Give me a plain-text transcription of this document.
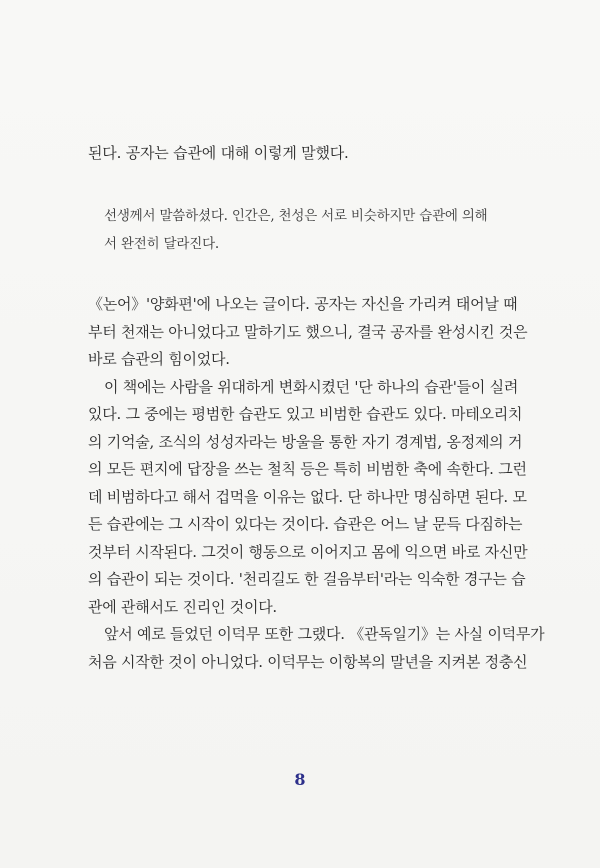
된다. 공자는 습관에 대해 이렇게 말했다.
선생께서 말씀하셨다. 인간은, 천성은 서로 비슷하지만 습관에 의해
서 완전히 달라진다.
《논어》'양화편'에 나오는 글이다. 공자는 자신을 가리켜 태어날 때
부터 천재는 아니었다고 말하기도 했으니, 결국 공자를 완성시킨 것은
바로 습관의 힘이었다.
이 책에는 사람을 위대하게 변화시켰던 '단 하나의 습관'들이 실려
있다. 그 중에는 평범한 습관도 있고 비범한 습관도 있다. 마테오리치
의 기억술, 조식의 성성자라는 방울을 통한 자기 경계법, 옹정제의 거
의 모든 편지에 답장을 쓰는 철칙 등은 특히 비범한 축에 속한다. 그런
데 비범하다고 해서 겁먹을 이유는 없다. 단 하나만 명심하면 된다. 모
든 습관에는 그 시작이 있다는 것이다. 습관은 어느 날 문득 다짐하는
것부터 시작된다. 그것이 행동으로 이어지고 몸에 익으면 바로 자신만
의 습관이 되는 것이다. '천리길도 한 걸음부터'라는 익숙한 경구는 습
관에 관해서도 진리인 것이다.
앞서 예로 들었던 이덕무 또한 그랬다. 《관독일기》는 사실 이덕무가
처음 시작한 것이 아니었다. 이덕무는 이항복의 말년을 지켜본 정충신
8
